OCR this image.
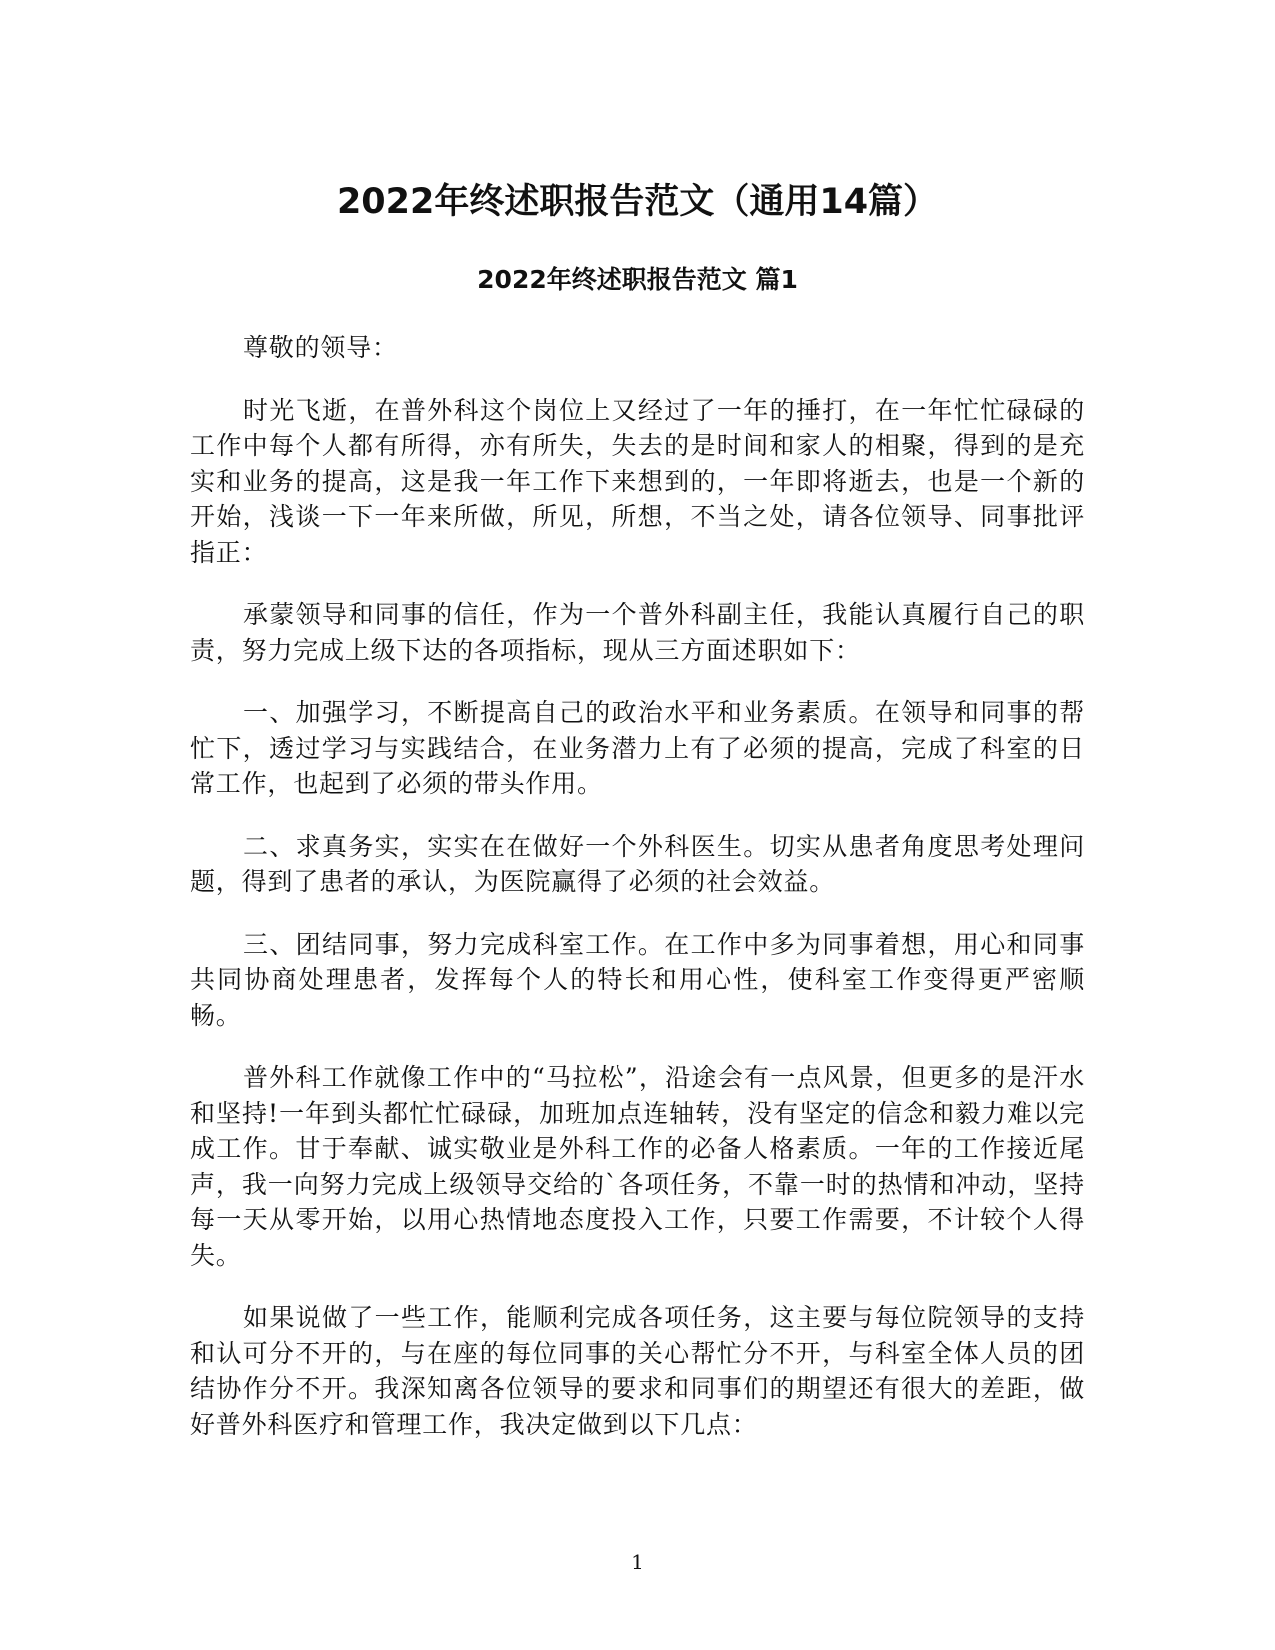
2022年终述职报告范文（通用14篇）
2022年终述职报告范文 篇1

尊敬的领导：

时光飞逝，在普外科这个岗位上又经过了一年的捶打，在一年忙忙碌碌的工作中每个人都有所得，亦有所失，失去的是时间和家人的相聚，得到的是充实和业务的提高，这是我一年工作下来想到的，一年即将逝去，也是一个新的开始，浅谈一下一年来所做，所见，所想，不当之处，请各位领导、同事批评指正：

承蒙领导和同事的信任，作为一个普外科副主任，我能认真履行自己的职责，努力完成上级下达的各项指标，现从三方面述职如下：

一、加强学习，不断提高自己的政治水平和业务素质。在领导和同事的帮忙下，透过学习与实践结合，在业务潜力上有了必须的提高，完成了科室的日常工作，也起到了必须的带头作用。

二、求真务实，实实在在做好一个外科医生。切实从患者角度思考处理问题，得到了患者的承认，为医院赢得了必须的社会效益。

三、团结同事，努力完成科室工作。在工作中多为同事着想，用心和同事共同协商处理患者，发挥每个人的特长和用心性，使科室工作变得更严密顺畅。

普外科工作就像工作中的“马拉松”，沿途会有一点风景，但更多的是汗水和坚持!一年到头都忙忙碌碌，加班加点连轴转，没有坚定的信念和毅力难以完成工作。甘于奉献、诚实敬业是外科工作的必备人格素质。一年的工作接近尾声，我一向努力完成上级领导交给的`各项任务，不靠一时的热情和冲动，坚持每一天从零开始，以用心热情地态度投入工作，只要工作需要，不计较个人得失。

如果说做了一些工作，能顺利完成各项任务，这主要与每位院领导的支持和认可分不开的，与在座的每位同事的关心帮忙分不开，与科室全体人员的团结协作分不开。我深知离各位领导的要求和同事们的期望还有很大的差距，做好普外科医疗和管理工作，我决定做到以下几点：

1
